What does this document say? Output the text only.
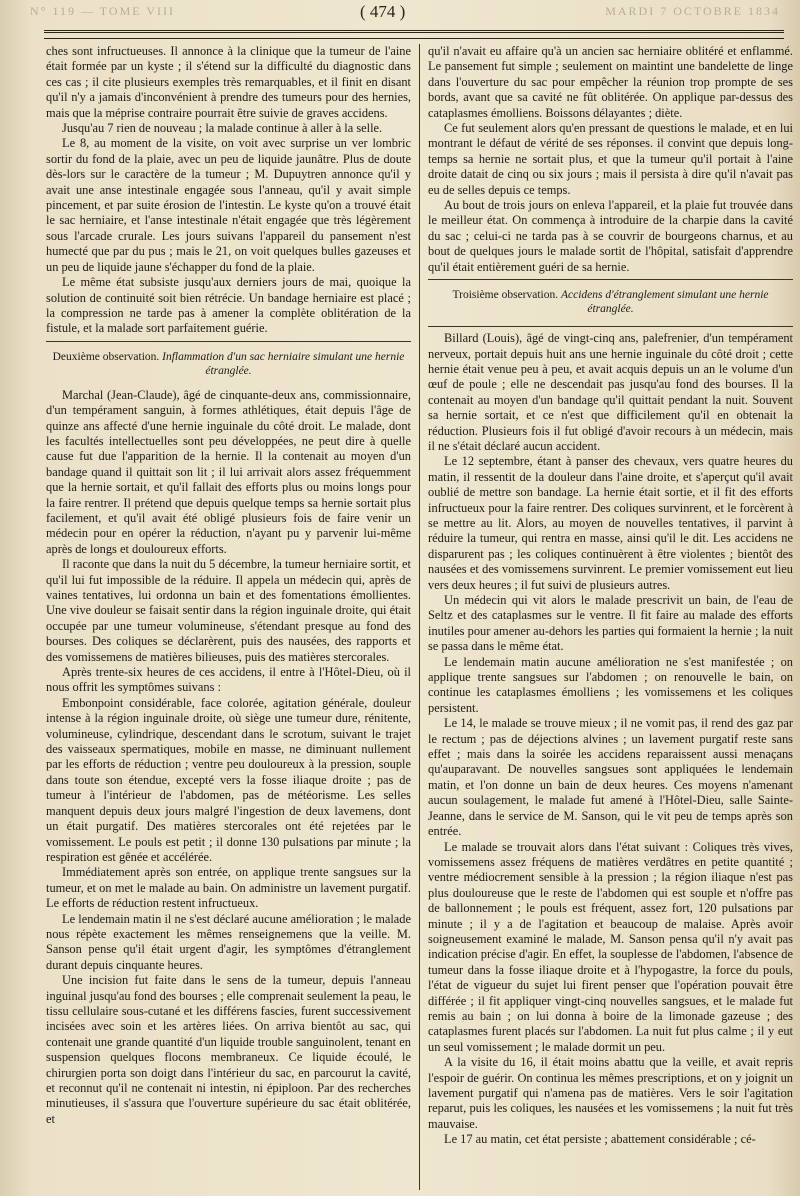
N° 119 — TOME VIII	MARDI 7 OCTOBRE 1834
( 474 )

ches sont infructueuses. Il annonce à la clinique que la tumeur de l'aine était formée par un kyste ; il s'étend sur la difficulté du diagnostic dans ces cas ; il cite plusieurs exemples très remarquables, et il finit en disant qu'il n'y a jamais d'inconvénient à prendre des tumeurs pour des hernies, mais que la méprise contraire pourrait être suivie de graves accidens.

Jusqu'au 7 rien de nouveau ; la malade continue à aller à la selle.

Le 8, au moment de la visite, on voit avec surprise un ver lombric sortir du fond de la plaie, avec un peu de liquide jaunâtre. Plus de doute dès-lors sur le caractère de la tumeur ; M. Dupuytren annonce qu'il y avait une anse intestinale engagée sous l'anneau, qu'il y avait simple pincement, et par suite érosion de l'intestin. Le kyste qu'on a trouvé était le sac herniaire, et l'anse intestinale n'était engagée que très légèrement sous l'arcade crurale. Les jours suivans l'appareil du pansement n'est humecté que par du pus ; mais le 21, on voit quelques bulles gazeuses et un peu de liquide jaune s'échapper du fond de la plaie.

Le même état subsiste jusqu'aux derniers jours de mai, quoique la solution de continuité soit bien rétrécie. Un bandage herniaire est placé ; la compression ne tarde pas à amener la complète oblitération de la fistule, et la malade sort parfaitement guérie.

Deuxième observation. Inflammation d'un sac herniaire simulant une hernie étranglée.

Marchal (Jean-Claude), âgé de cinquante-deux ans, commissionnaire, d'un tempérament sanguin, à formes athlétiques, était depuis l'âge de quinze ans affecté d'une hernie inguinale du côté droit. Le malade, dont les facultés intellectuelles sont peu développées, ne peut dire à quelle cause fut due l'apparition de la hernie. Il la contenait au moyen d'un bandage quand il quittait son lit ; il lui arrivait alors assez fréquemment que la hernie sortait, et qu'il fallait des efforts plus ou moins longs pour la faire rentrer. Il prétend que depuis quelque temps sa hernie sortait plus facilement, et qu'il avait été obligé plusieurs fois de faire venir un médecin pour en opérer la réduction, n'ayant pu y parvenir lui-même après de longs et douloureux efforts.

Il raconte que dans la nuit du 5 décembre, la tumeur herniaire sortit, et qu'il lui fut impossible de la réduire. Il appela un médecin qui, après de vaines tentatives, lui ordonna un bain et des fomentations émollientes. Une vive douleur se faisait sentir dans la région inguinale droite, qui était occupée par une tumeur volumineuse, s'étendant presque au fond des bourses. Des coliques se déclarèrent, puis des nausées, des rapports et des vomissemens de matières bilieuses, puis des matières stercorales.

Après trente-six heures de ces accidens, il entre à l'Hôtel-Dieu, où il nous offrit les symptômes suivans :

Embonpoint considérable, face colorée, agitation générale, douleur intense à la région inguinale droite, où siège une tumeur dure, rénitente, volumineuse, cylindrique, descendant dans le scrotum, suivant le trajet des vaisseaux spermatiques, mobile en masse, ne diminuant nullement par les efforts de réduction ; ventre peu douloureux à la pression, souple dans toute son étendue, excepté vers la fosse iliaque droite ; pas de tumeur à l'intérieur de l'abdomen, pas de météorisme. Les selles manquent depuis deux jours malgré l'ingestion de deux lavemens, dont un était purgatif. Des matières stercorales ont été rejetées par le vomissement. Le pouls est petit ; il donne 130 pulsations par minute ; la respiration est gênée et accélérée.

Immédiatement après son entrée, on applique trente sangsues sur la tumeur, et on met le malade au bain. On administre un lavement purgatif. Le efforts de réduction restent infructueux.

Le lendemain matin il ne s'est déclaré aucune amélioration ; le malade nous répète exactement les mêmes renseignemens que la veille. M. Sanson pense qu'il était urgent d'agir, les symptômes d'étranglement durant depuis cinquante heures.

Une incision fut faite dans le sens de la tumeur, depuis l'anneau inguinal jusqu'au fond des bourses ; elle comprenait seulement la peau, le tissu cellulaire sous-cutané et les différens fascies, furent successivement incisées avec soin et les artères liées. On arriva bientôt au sac, qui contenait une grande quantité d'un liquide trouble sanguinolent, tenant en suspension quelques flocons membraneux. Ce liquide écoulé, le chirurgien porta son doigt dans l'intérieur du sac, en parcourut la cavité, et reconnut qu'il ne contenait ni intestin, ni épiploon. Par des recherches minutieuses, il s'assura que l'ouverture supérieure du sac était oblitérée, et

qu'il n'avait eu affaire qu'à un ancien sac herniaire oblitéré et enflammé. Le pansement fut simple ; seulement on maintint une bandelette de linge dans l'ouverture du sac pour empêcher la réunion trop prompte de ses bords, avant que sa cavité ne fût oblitérée. On applique par-dessus des cataplasmes émolliens. Boissons délayantes ; diète.

Ce fut seulement alors qu'en pressant de questions le malade, et en lui montrant le défaut de vérité de ses réponses. il convint que depuis long-temps sa hernie ne sortait plus, et que la tumeur qu'il portait à l'aine droite datait de cinq ou six jours ; mais il persista à dire qu'il n'avait pas eu de selles depuis ce temps.

Au bout de trois jours on enleva l'appareil, et la plaie fut trouvée dans le meilleur état. On commença à introduire de la charpie dans la cavité du sac ; celui-ci ne tarda pas à se couvrir de bourgeons charnus, et au bout de quelques jours le malade sortit de l'hôpital, satisfait d'apprendre qu'il était entièrement guéri de sa hernie.

Troisième observation. Accidens d'étranglement simulant une hernie étranglée.

Billard (Louis), âgé de vingt-cinq ans, palefrenier, d'un tempérament nerveux, portait depuis huit ans une hernie inguinale du côté droit ; cette hernie était venue peu à peu, et avait acquis depuis un an le volume d'un œuf de poule ; elle ne descendait pas jusqu'au fond des bourses. Il la contenait au moyen d'un bandage qu'il quittait pendant la nuit. Souvent sa hernie sortait, et ce n'est que difficilement qu'il en obtenait la réduction. Plusieurs fois il fut obligé d'avoir recours à un médecin, mais il ne s'était déclaré aucun accident.

Le 12 septembre, étant à panser des chevaux, vers quatre heures du matin, il ressentit de la douleur dans l'aine droite, et s'aperçut qu'il avait oublié de mettre son bandage. La hernie était sortie, et il fit des efforts infructueux pour la faire rentrer. Des coliques survinrent, et le forcèrent à se mettre au lit. Alors, au moyen de nouvelles tentatives, il parvint à réduire la tumeur, qui rentra en masse, ainsi qu'il le dit. Les accidens ne disparurent pas ; les coliques continuèrent à être violentes ; bientôt des nausées et des vomissemens survinrent. Le premier vomissement eut lieu vers deux heures ; il fut suivi de plusieurs autres.

Un médecin qui vit alors le malade prescrivit un bain, de l'eau de Seltz et des cataplasmes sur le ventre. Il fit faire au malade des efforts inutiles pour amener au-dehors les parties qui formaient la hernie ; la nuit se passa dans le même état.

Le lendemain matin aucune amélioration ne s'est manifestée ; on applique trente sangsues sur l'abdomen ; on renouvelle le bain, on continue les cataplasmes émolliens ; les vomissemens et les coliques persistent.

Le 14, le malade se trouve mieux ; il ne vomit pas, il rend des gaz par le rectum ; pas de déjections alvines ; un lavement purgatif reste sans effet ; mais dans la soirée les accidens reparaissent aussi menaçans qu'auparavant. De nouvelles sangsues sont appliquées le lendemain matin, et l'on donne un bain de deux heures. Ces moyens n'amenant aucun soulagement, le malade fut amené à l'Hôtel-Dieu, salle Sainte-Jeanne, dans le service de M. Sanson, qui le vit peu de temps après son entrée.

Le malade se trouvait alors dans l'état suivant : Coliques très vives, vomissemens assez fréquens de matières verdâtres en petite quantité ; ventre médiocrement sensible à la pression ; la région iliaque n'est pas plus douloureuse que le reste de l'abdomen qui est souple et n'offre pas de ballonnement ; le pouls est fréquent, assez fort, 120 pulsations par minute ; il y a de l'agitation et beaucoup de malaise. Après avoir soigneusement examiné le malade, M. Sanson pensa qu'il n'y avait pas indication précise d'agir. En effet, la souplesse de l'abdomen, l'absence de tumeur dans la fosse iliaque droite et à l'hypogastre, la force du pouls, l'état de vigueur du sujet lui firent penser que l'opération pouvait être différée ; il fit appliquer vingt-cinq nouvelles sangsues, et le malade fut remis au bain ; on lui donna à boire de la limonade gazeuse ; des cataplasmes furent placés sur l'abdomen. La nuit fut plus calme ; il y eut un seul vomissement ; le malade dormit un peu.

A la visite du 16, il était moins abattu que la veille, et avait repris l'espoir de guérir. On continua les mêmes prescriptions, et on y joignit un lavement purgatif qui n'amena pas de matières. Vers le soir l'agitation reparut, puis les coliques, les nausées et les vomissemens ; la nuit fut très mauvaise.

Le 17 au matin, cet état persiste ; abattement considérable ; cé-
